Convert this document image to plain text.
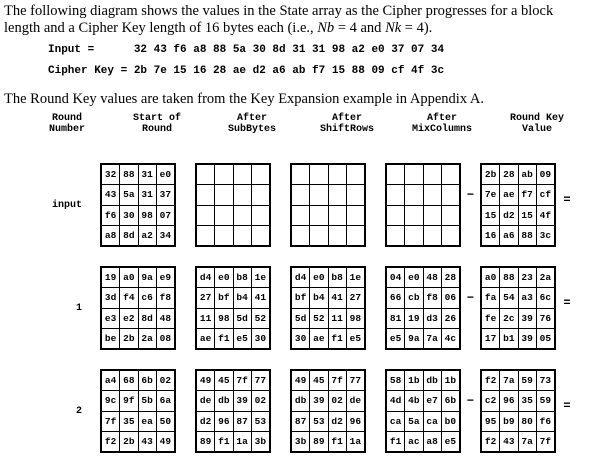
The following diagram shows the values in the State array as the Cipher progresses for a block
length and a Cipher Key length of 16 bytes each (i.e., Nb = 4 and Nk = 4).

Input =      32 43 f6 a8 88 5a 30 8d 31 31 98 a2 e0 37 07 34
Cipher Key = 2b 7e 15 16 28 ae d2 a6 ab f7 15 88 09 cf 4f 3c

The Round Key values are taken from the Key Expansion example in Appendix A.

Round
Number
Start of
Round
After
SubBytes
After
ShiftRows
After
MixColumns
Round Key
Value
input
32 88 31 e0
43 5a 31 37
f6 30 98 07
a8 8d a2 34
−
2b 28 ab 09
7e ae f7 cf
15 d2 15 4f
16 a6 88 3c
=
1
19 a0 9a e9
3d f4 c6 f8
e3 e2 8d 48
be 2b 2a 08
d4 e0 b8 1e
27 bf b4 41
11 98 5d 52
ae f1 e5 30
d4 e0 b8 1e
bf b4 41 27
5d 52 11 98
30 ae f1 e5
04 e0 48 28
66 cb f8 06
81 19 d3 26
e5 9a 7a 4c
−
a0 88 23 2a
fa 54 a3 6c
fe 2c 39 76
17 b1 39 05
=
2
a4 68 6b 02
9c 9f 5b 6a
7f 35 ea 50
f2 2b 43 49
49 45 7f 77
de db 39 02
d2 96 87 53
89 f1 1a 3b
49 45 7f 77
db 39 02 de
87 53 d2 96
3b 89 f1 1a
58 1b db 1b
4d 4b e7 6b
ca 5a ca b0
f1 ac a8 e5
−
f2 7a 59 73
c2 96 35 59
95 b9 80 f6
f2 43 7a 7f
=
